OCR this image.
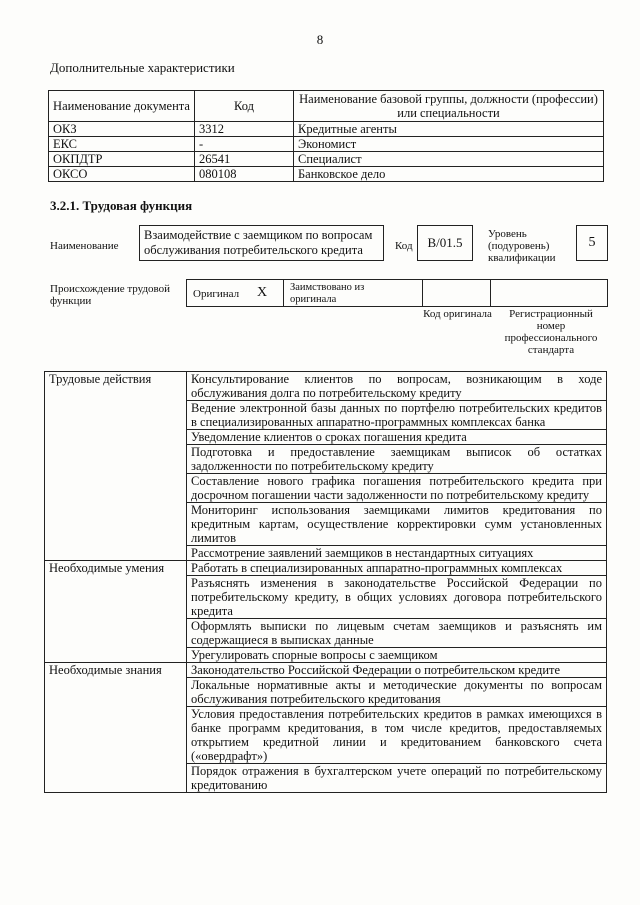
8
Дополнительные характеристики
Наименование документа	Код	Наименование базовой группы, должности (профессии) или специальности
ОКЗ	3312	Кредитные агенты
ЕКС	-	Экономист
ОКПДТР	26541	Специалист
ОКСО	080108	Банковское дело
3.2.1. Трудовая функция
Наименование
Взаимодействие с заемщиком по вопросам обслуживания потребительского кредита	Код	В/01.5
Уровень (подуровень) квалификации
5
Происхождение трудовой функции
Оригинал X Заимствовано из оригинала
Код оригинала	Регистрационный номер профессионального стандарта
Трудовые действия	Консультирование клиентов по вопросам, возникающим в ходе обслуживания долга по потребительскому кредиту
	Ведение электронной базы данных по портфелю потребительских кредитов в специализированных аппаратно-программных комплексах банка
	Уведомление клиентов о сроках погашения кредита
	Подготовка и предоставление заемщикам выписок об остатках задолженности по потребительскому кредиту
	Составление нового графика погашения потребительского кредита при досрочном погашении части задолженности по потребительскому кредиту
	Мониторинг использования заемщиками лимитов кредитования по кредитным картам, осуществление корректировки сумм установленных лимитов
	Рассмотрение заявлений заемщиков в нестандартных ситуациях
Необходимые умения	Работать в специализированных аппаратно-программных комплексах
	Разъяснять изменения в законодательстве Российской Федерации по потребительскому кредиту, в общих условиях договора потребительского кредита
	Оформлять выписки по лицевым счетам заемщиков и разъяснять им содержащиеся в выписках данные
	Урегулировать спорные вопросы с заемщиком
Необходимые знания	Законодательство Российской Федерации о потребительском кредите
	Локальные нормативные акты и методические документы по вопросам обслуживания потребительского кредитования
	Условия предоставления потребительских кредитов в рамках имеющихся в банке программ кредитования, в том числе кредитов, предоставляемых открытием кредитной линии и кредитованием банковского счета («овердрафт»)
	Порядок отражения в бухгалтерском учете операций по потребительскому кредитованию
